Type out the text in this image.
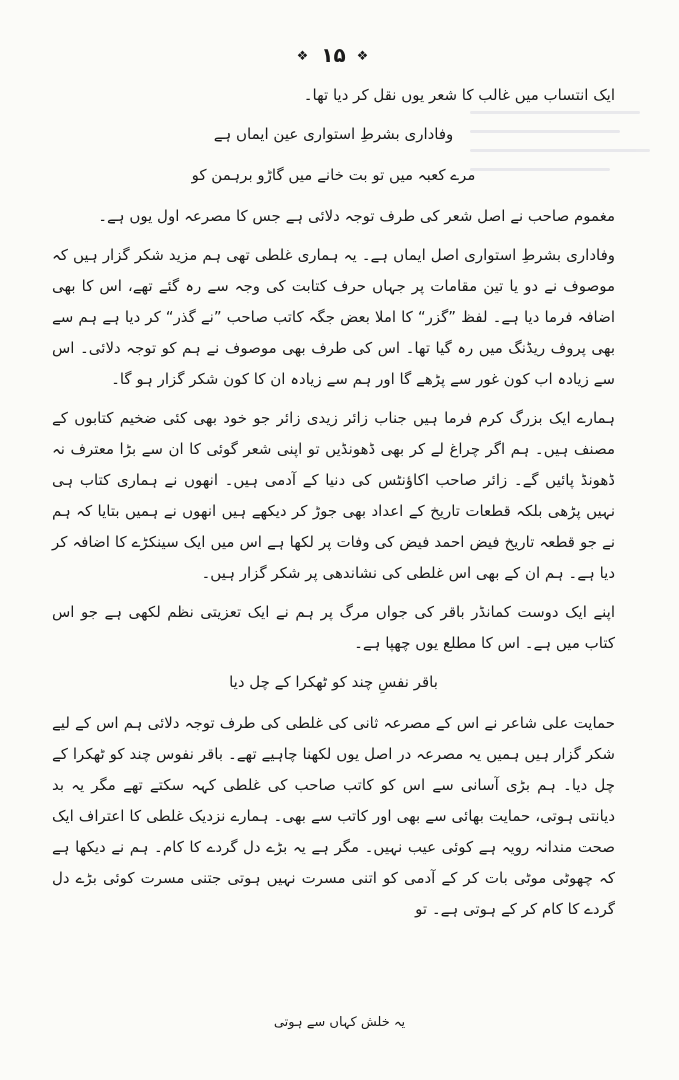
❖ ۱۵ ❖

ایک انتساب میں غالب کا شعر یوں نقل کر دیا تھا۔

وفاداری بشرطِ استواری عین ایماں ہے

مرے کعبہ میں تو بت خانے میں گاڑو برہمن کو

مغموم صاحب نے اصل شعر کی طرف توجہ دلائی ہے جس کا مصرعہ اول یوں ہے۔

وفاداری بشرطِ استواری اصل ایماں ہے۔ یہ ہماری غلطی تھی ہم مزید شکر گزار ہیں کہ موصوف نے دو یا تین مقامات پر جہاں حرف کتابت کی وجہ سے رہ گئے تھے، اس کا بھی اضافہ فرما دیا ہے۔ لفظ ”گزر“ کا املا بعض جگہ کاتب صاحب ”نے گذر“ کر دیا ہے ہم سے بھی پروف ریڈنگ میں رہ گیا تھا۔ اس کی طرف بھی موصوف نے ہم کو توجہ دلائی۔ اس سے زیادہ اب کون غور سے پڑھے گا اور ہم سے زیادہ ان کا کون شکر گزار ہو گا۔

ہمارے ایک بزرگ کرم فرما ہیں جناب زائر زیدی زائر جو خود بھی کئی ضخیم کتابوں کے مصنف ہیں۔ ہم اگر چراغ لے کر بھی ڈھونڈیں تو اپنی شعر گوئی کا ان سے بڑا معترف نہ ڈھونڈ پائیں گے۔ زائر صاحب اکاؤنٹس کی دنیا کے آدمی ہیں۔ انھوں نے ہماری کتاب ہی نہیں پڑھی بلکہ قطعات تاریخ کے اعداد بھی جوڑ کر دیکھے ہیں انھوں نے ہمیں بتایا کہ ہم نے جو قطعہ تاریخ فیض احمد فیض کی وفات پر لکھا ہے اس میں ایک سینکڑے کا اضافہ کر دیا ہے۔ ہم ان کے بھی اس غلطی کی نشاندھی پر شکر گزار ہیں۔

اپنے ایک دوست کمانڈر باقر کی جواں مرگ پر ہم نے ایک تعزیتی نظم لکھی ہے جو اس کتاب میں ہے۔ اس کا مطلع یوں چھپا ہے۔

باقر نفسِ چند کو ٹھکرا کے چل دیا

حمایت علی شاعر نے اس کے مصرعہ ثانی کی غلطی کی طرف توجہ دلائی ہم اس کے لیے شکر گزار ہیں ہمیں یہ مصرعہ در اصل یوں لکھنا چاہیے تھے۔ باقر نفوس چند کو ٹھکرا کے چل دیا۔ ہم بڑی آسانی سے اس کو کاتب صاحب کی غلطی کہہ سکتے تھے مگر یہ بد دیانتی ہوتی، حمایت بھائی سے بھی اور کاتب سے بھی۔ ہمارے نزدیک غلطی کا اعتراف ایک صحت مندانہ رویہ ہے کوئی عیب نہیں۔ مگر ہے یہ بڑے دل گردے کا کام۔ ہم نے دیکھا ہے کہ چھوٹی موٹی بات کر کے آدمی کو اتنی مسرت نہیں ہوتی جتنی مسرت کوئی بڑے دل گردے کا کام کر کے ہوتی ہے۔ تو

یہ خلش کہاں سے ہوتی
